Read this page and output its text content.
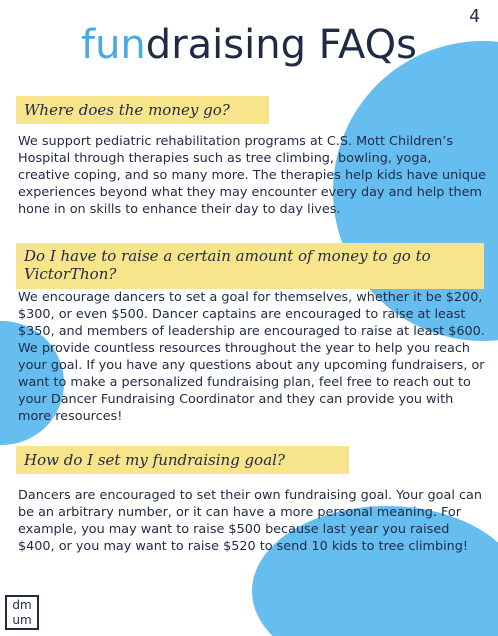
4
fundraising FAQs
Where does the money go?
We support pediatric rehabilitation programs at C.S. Mott Children’s Hospital through therapies such as tree climbing, bowling, yoga, creative coping, and so many more. The therapies help kids have unique experiences beyond what they may encounter every day and help them hone in on skills to enhance their day to day lives.
Do I have to raise a certain amount of money to go to VictorThon?
We encourage dancers to set a goal for themselves, whether it be $200, $300, or even $500. Dancer captains are encouraged to raise at least $350, and members of leadership are encouraged to raise at least $600. We provide countless resources throughout the year to help you reach your goal. If you have any questions about any upcoming fundraisers, or want to make a personalized fundraising plan, feel free to reach out to your Dancer Fundraising Coordinator and they can provide you with more resources!
How do I set my fundraising goal?
Dancers are encouraged to set their own fundraising goal. Your goal can be an arbitrary number, or it can have a more personal meaning. For example, you may want to raise $500 because last year you raised $400, or you may want to raise $520 to send 10 kids to tree climbing!
dm
um
